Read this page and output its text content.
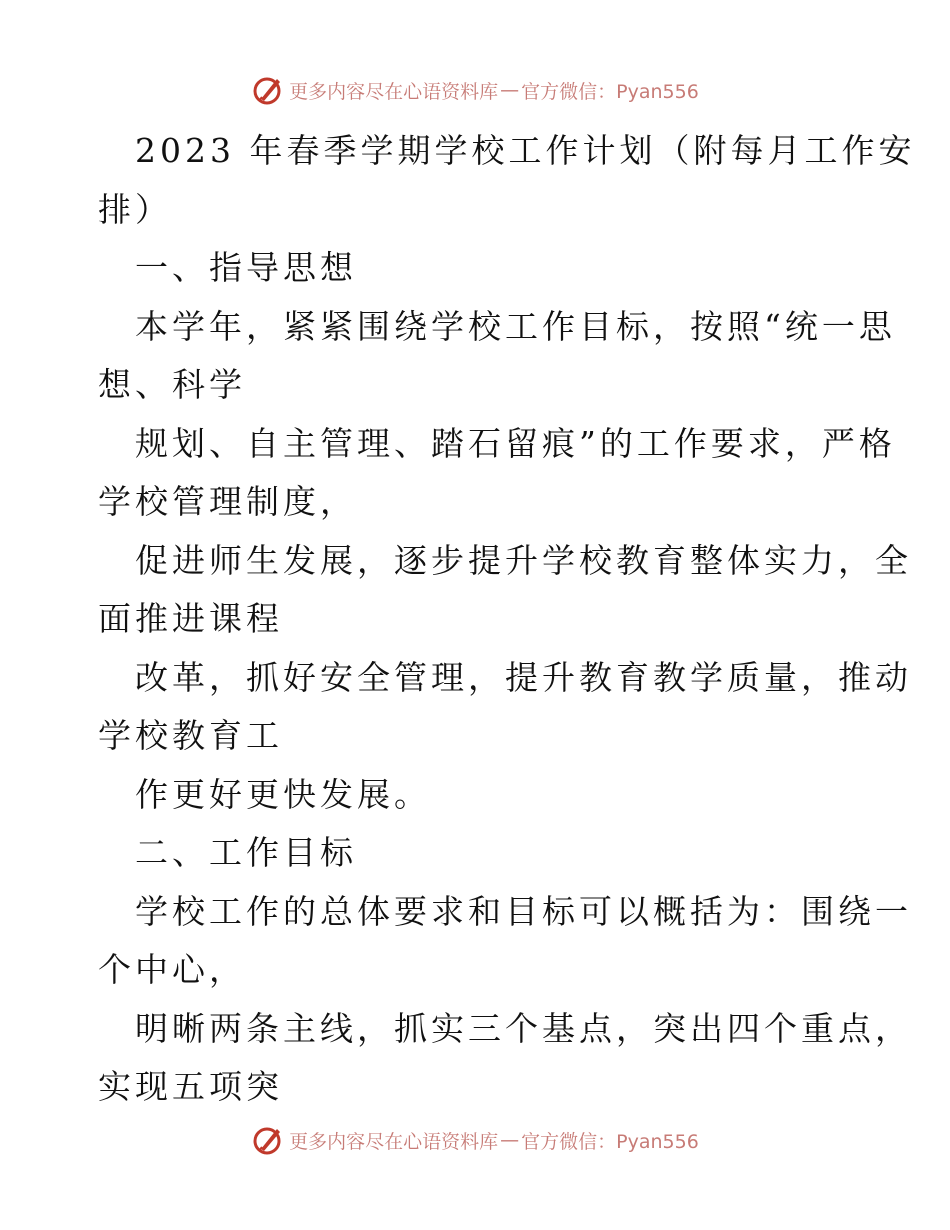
更多内容尽在心语资料库 — 官方微信：Pyan556
2023 年春季学期学校工作计划（附每月工作安
排）
一、指导思想
本学年，紧紧围绕学校工作目标，按照“统一思
想、科学
规划、自主管理、踏石留痕”的工作要求，严格
学校管理制度，
促进师生发展，逐步提升学校教育整体实力，全
面推进课程
改革，抓好安全管理，提升教育教学质量，推动
学校教育工
作更好更快发展。
二、工作目标
学校工作的总体要求和目标可以概括为：围绕一
个中心，
明晰两条主线，抓实三个基点，突出四个重点，
实现五项突
更多内容尽在心语资料库 — 官方微信：Pyan556
